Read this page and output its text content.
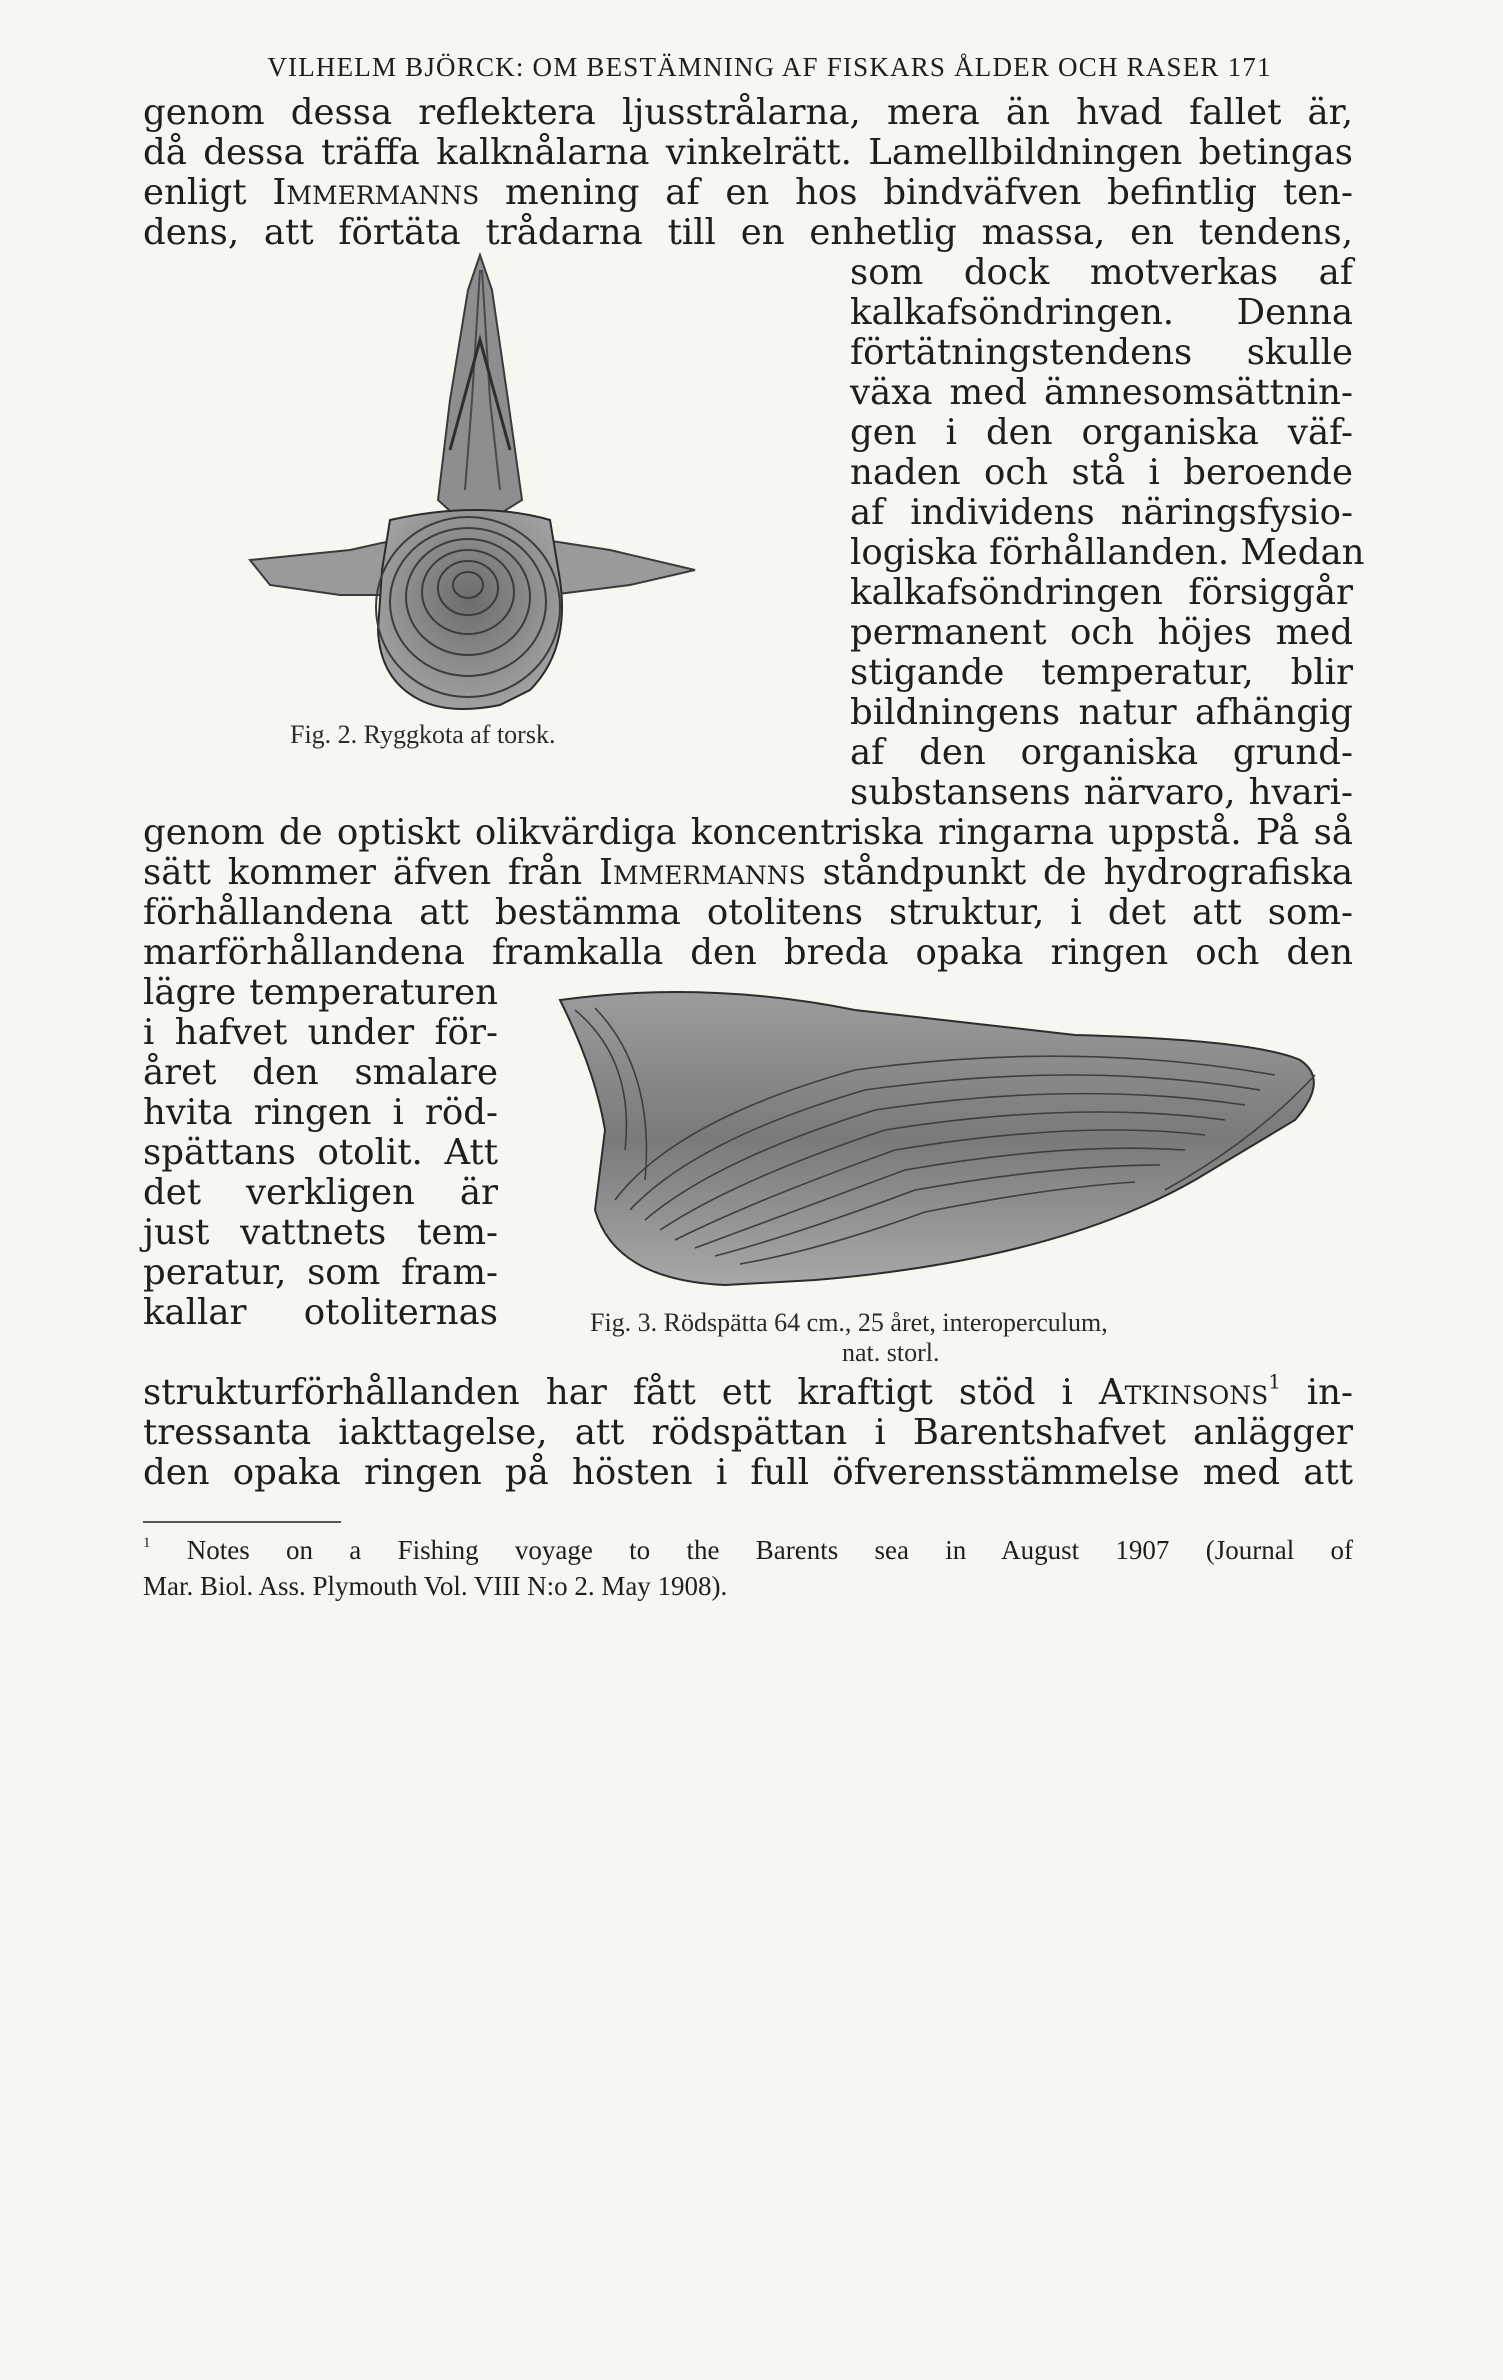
VILHELM BJÖRCK: OM BESTÄMNING AF FISKARS ÅLDER OCH RASER 171
genom dessa reflektera ljusstrålarna, mera än hvad fallet är,
då dessa träffa kalknålarna vinkelrätt. Lamellbildningen betingas
enligt Immermanns mening af en hos bindväfven befintlig ten-
dens, att förtäta trådarna till en enhetlig massa, en tendens,
som dock motverkas af
kalkafsöndringen. Denna
förtätningstendens skulle
växa med ämnesomsättnin-
gen i den organiska väf-
naden och stå i beroende
af individens näringsfysio-
logiska förhållanden. Medan
kalkafsöndringen försiggår
permanent och höjes med
stigande temperatur, blir
bildningens natur afhängig
af den organiska grund-
substansens närvaro, hvari-
Fig. 2. Ryggkota af torsk.
genom de optiskt olikvärdiga koncentriska ringarna uppstå. På så
sätt kommer äfven från Immermanns ståndpunkt de hydrografiska
förhållandena att bestämma otolitens struktur, i det att som-
marförhållandena framkalla den breda opaka ringen och den
lägre temperaturen
i hafvet under för-
året den smalare
hvita ringen i röd-
spättans otolit. Att
det verkligen är
just vattnets tem-
peratur, som fram-
kallar otoliternas	Fig. 3. Rödspätta 64 cm., 25 året, interoperculum,
nat. storl.
strukturförhållanden har fått ett kraftigt stöd i Atkinsons$^1$ in-
tressanta iakttagelse, att rödspättan i Barentshafvet anlägger
den opaka ringen på hösten i full öfverensstämmelse med att
$^1$ Notes on a Fishing voyage to the Barents sea in August 1907 (Journal of
Mar. Biol. Ass. Plymouth Vol. VIII N:o 2. May 1908).
